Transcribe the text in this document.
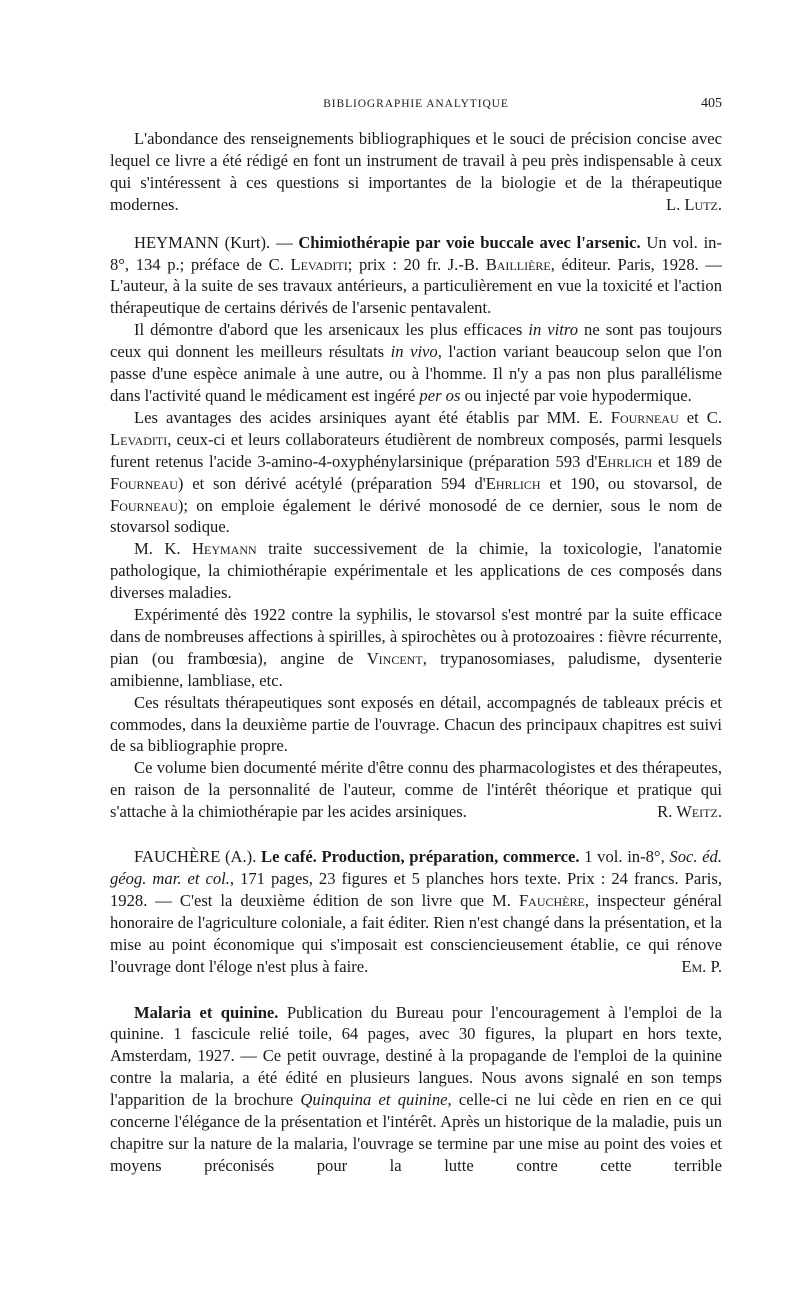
BIBLIOGRAPHIE ANALYTIQUE	405

L'abondance des renseignements bibliographiques et le souci de précision concise avec lequel ce livre a été rédigé en font un instrument de travail à peu près indispensable à ceux qui s'intéressent à ces questions si importantes de la biologie et de la thérapeutique modernes.	L. Lutz.

HEYMANN (Kurt). — Chimiothérapie par voie buccale avec l'arsenic. Un vol. in-8°, 134 p.; préface de C. Levaditi; prix : 20 fr. J.-B. Baillière, éditeur. Paris, 1928. — L'auteur, à la suite de ses travaux antérieurs, a particulièrement en vue la toxicité et l'action thérapeutique de certains dérivés de l'arsenic pentavalent.

Il démontre d'abord que les arsenicaux les plus efficaces in vitro ne sont pas toujours ceux qui donnent les meilleurs résultats in vivo, l'action variant beaucoup selon que l'on passe d'une espèce animale à une autre, ou à l'homme. Il n'y a pas non plus parallélisme dans l'activité quand le médicament est ingéré per os ou injecté par voie hypodermique.

Les avantages des acides arsiniques ayant été établis par MM. E. Fourneau et C. Levaditi, ceux-ci et leurs collaborateurs étudièrent de nombreux composés, parmi lesquels furent retenus l'acide 3-amino-4-oxyphénylarsinique (préparation 593 d'Ehrlich et 189 de Fourneau) et son dérivé acétylé (préparation 594 d'Ehrlich et 190, ou stovarsol, de Fourneau); on emploie également le dérivé monosodé de ce dernier, sous le nom de stovarsol sodique.

M. K. Heymann traite successivement de la chimie, la toxicologie, l'anatomie pathologique, la chimiothérapie expérimentale et les applications de ces composés dans diverses maladies.

Expérimenté dès 1922 contre la syphilis, le stovarsol s'est montré par la suite efficace dans de nombreuses affections à spirilles, à spirochètes ou à protozoaires : fièvre récurrente, pian (ou frambœsia), angine de Vincent, trypanosomiases, paludisme, dysenterie amibienne, lambliase, etc.

Ces résultats thérapeutiques sont exposés en détail, accompagnés de tableaux précis et commodes, dans la deuxième partie de l'ouvrage. Chacun des principaux chapitres est suivi de sa bibliographie propre.

Ce volume bien documenté mérite d'être connu des pharmacologistes et des thérapeutes, en raison de la personnalité de l'auteur, comme de l'intérêt théorique et pratique qui s'attache à la chimiothérapie par les acides arsiniques.	R. Weitz.

FAUCHÈRE (A.). Le café. Production, préparation, commerce. 1 vol. in-8°, Soc. éd. géog. mar. et col., 171 pages, 23 figures et 5 planches hors texte. Prix : 24 francs. Paris, 1928. — C'est la deuxième édition de son livre que M. Fauchère, inspecteur général honoraire de l'agriculture coloniale, a fait éditer. Rien n'est changé dans la présentation, et la mise au point économique qui s'imposait est consciencieusement établie, ce qui rénove l'ouvrage dont l'éloge n'est plus à faire.	Em. P.

Malaria et quinine. Publication du Bureau pour l'encouragement à l'emploi de la quinine. 1 fascicule relié toile, 64 pages, avec 30 figures, la plupart en hors texte, Amsterdam, 1927. — Ce petit ouvrage, destiné à la propagande de l'emploi de la quinine contre la malaria, a été édité en plusieurs langues. Nous avons signalé en son temps l'apparition de la brochure Quinquina et quinine, celle-ci ne lui cède en rien en ce qui concerne l'élégance de la présentation et l'intérêt. Après un historique de la maladie, puis un chapitre sur la nature de la malaria, l'ouvrage se termine par une mise au point des voies et moyens préconisés pour la lutte contre cette terrible
